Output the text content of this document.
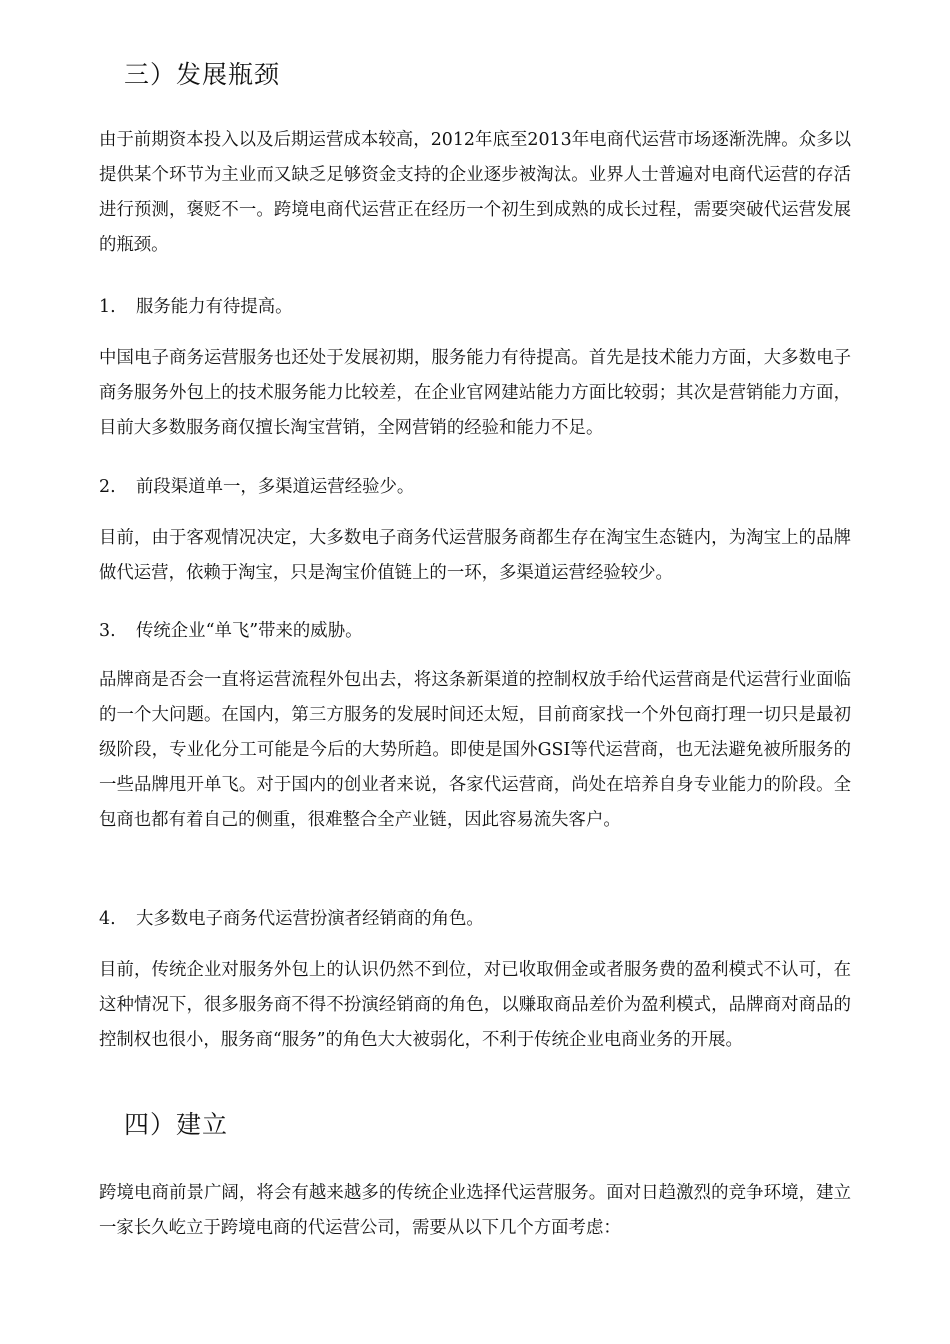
三）发展瓶颈

由于前期资本投入以及后期运营成本较高，2012年底至2013年电商代运营市场逐渐洗牌。众多以提供某个环节为主业而又缺乏足够资金支持的企业逐步被淘汰。业界人士普遍对电商代运营的存活进行预测，褒贬不一。跨境电商代运营正在经历一个初生到成熟的成长过程，需要突破代运营发展的瓶颈。

1. 服务能力有待提高。

中国电子商务运营服务也还处于发展初期，服务能力有待提高。首先是技术能力方面，大多数电子商务服务外包上的技术服务能力比较差，在企业官网建站能力方面比较弱；其次是营销能力方面，目前大多数服务商仅擅长淘宝营销，全网营销的经验和能力不足。

2. 前段渠道单一，多渠道运营经验少。

目前，由于客观情况决定，大多数电子商务代运营服务商都生存在淘宝生态链内，为淘宝上的品牌做代运营，依赖于淘宝，只是淘宝价值链上的一环，多渠道运营经验较少。

3. 传统企业“单飞”带来的威胁。

品牌商是否会一直将运营流程外包出去，将这条新渠道的控制权放手给代运营商是代运营行业面临的一个大问题。在国内，第三方服务的发展时间还太短，目前商家找一个外包商打理一切只是最初级阶段，专业化分工可能是今后的大势所趋。即使是国外GSI等代运营商，也无法避免被所服务的一些品牌甩开单飞。对于国内的创业者来说，各家代运营商，尚处在培养自身专业能力的阶段。全包商也都有着自己的侧重，很难整合全产业链，因此容易流失客户。

4. 大多数电子商务代运营扮演者经销商的角色。

目前，传统企业对服务外包上的认识仍然不到位，对已收取佣金或者服务费的盈利模式不认可，在这种情况下，很多服务商不得不扮演经销商的角色，以赚取商品差价为盈利模式，品牌商对商品的控制权也很小，服务商“服务”的角色大大被弱化，不利于传统企业电商业务的开展。

四）建立

跨境电商前景广阔，将会有越来越多的传统企业选择代运营服务。面对日趋激烈的竞争环境，建立一家长久屹立于跨境电商的代运营公司，需要从以下几个方面考虑：
